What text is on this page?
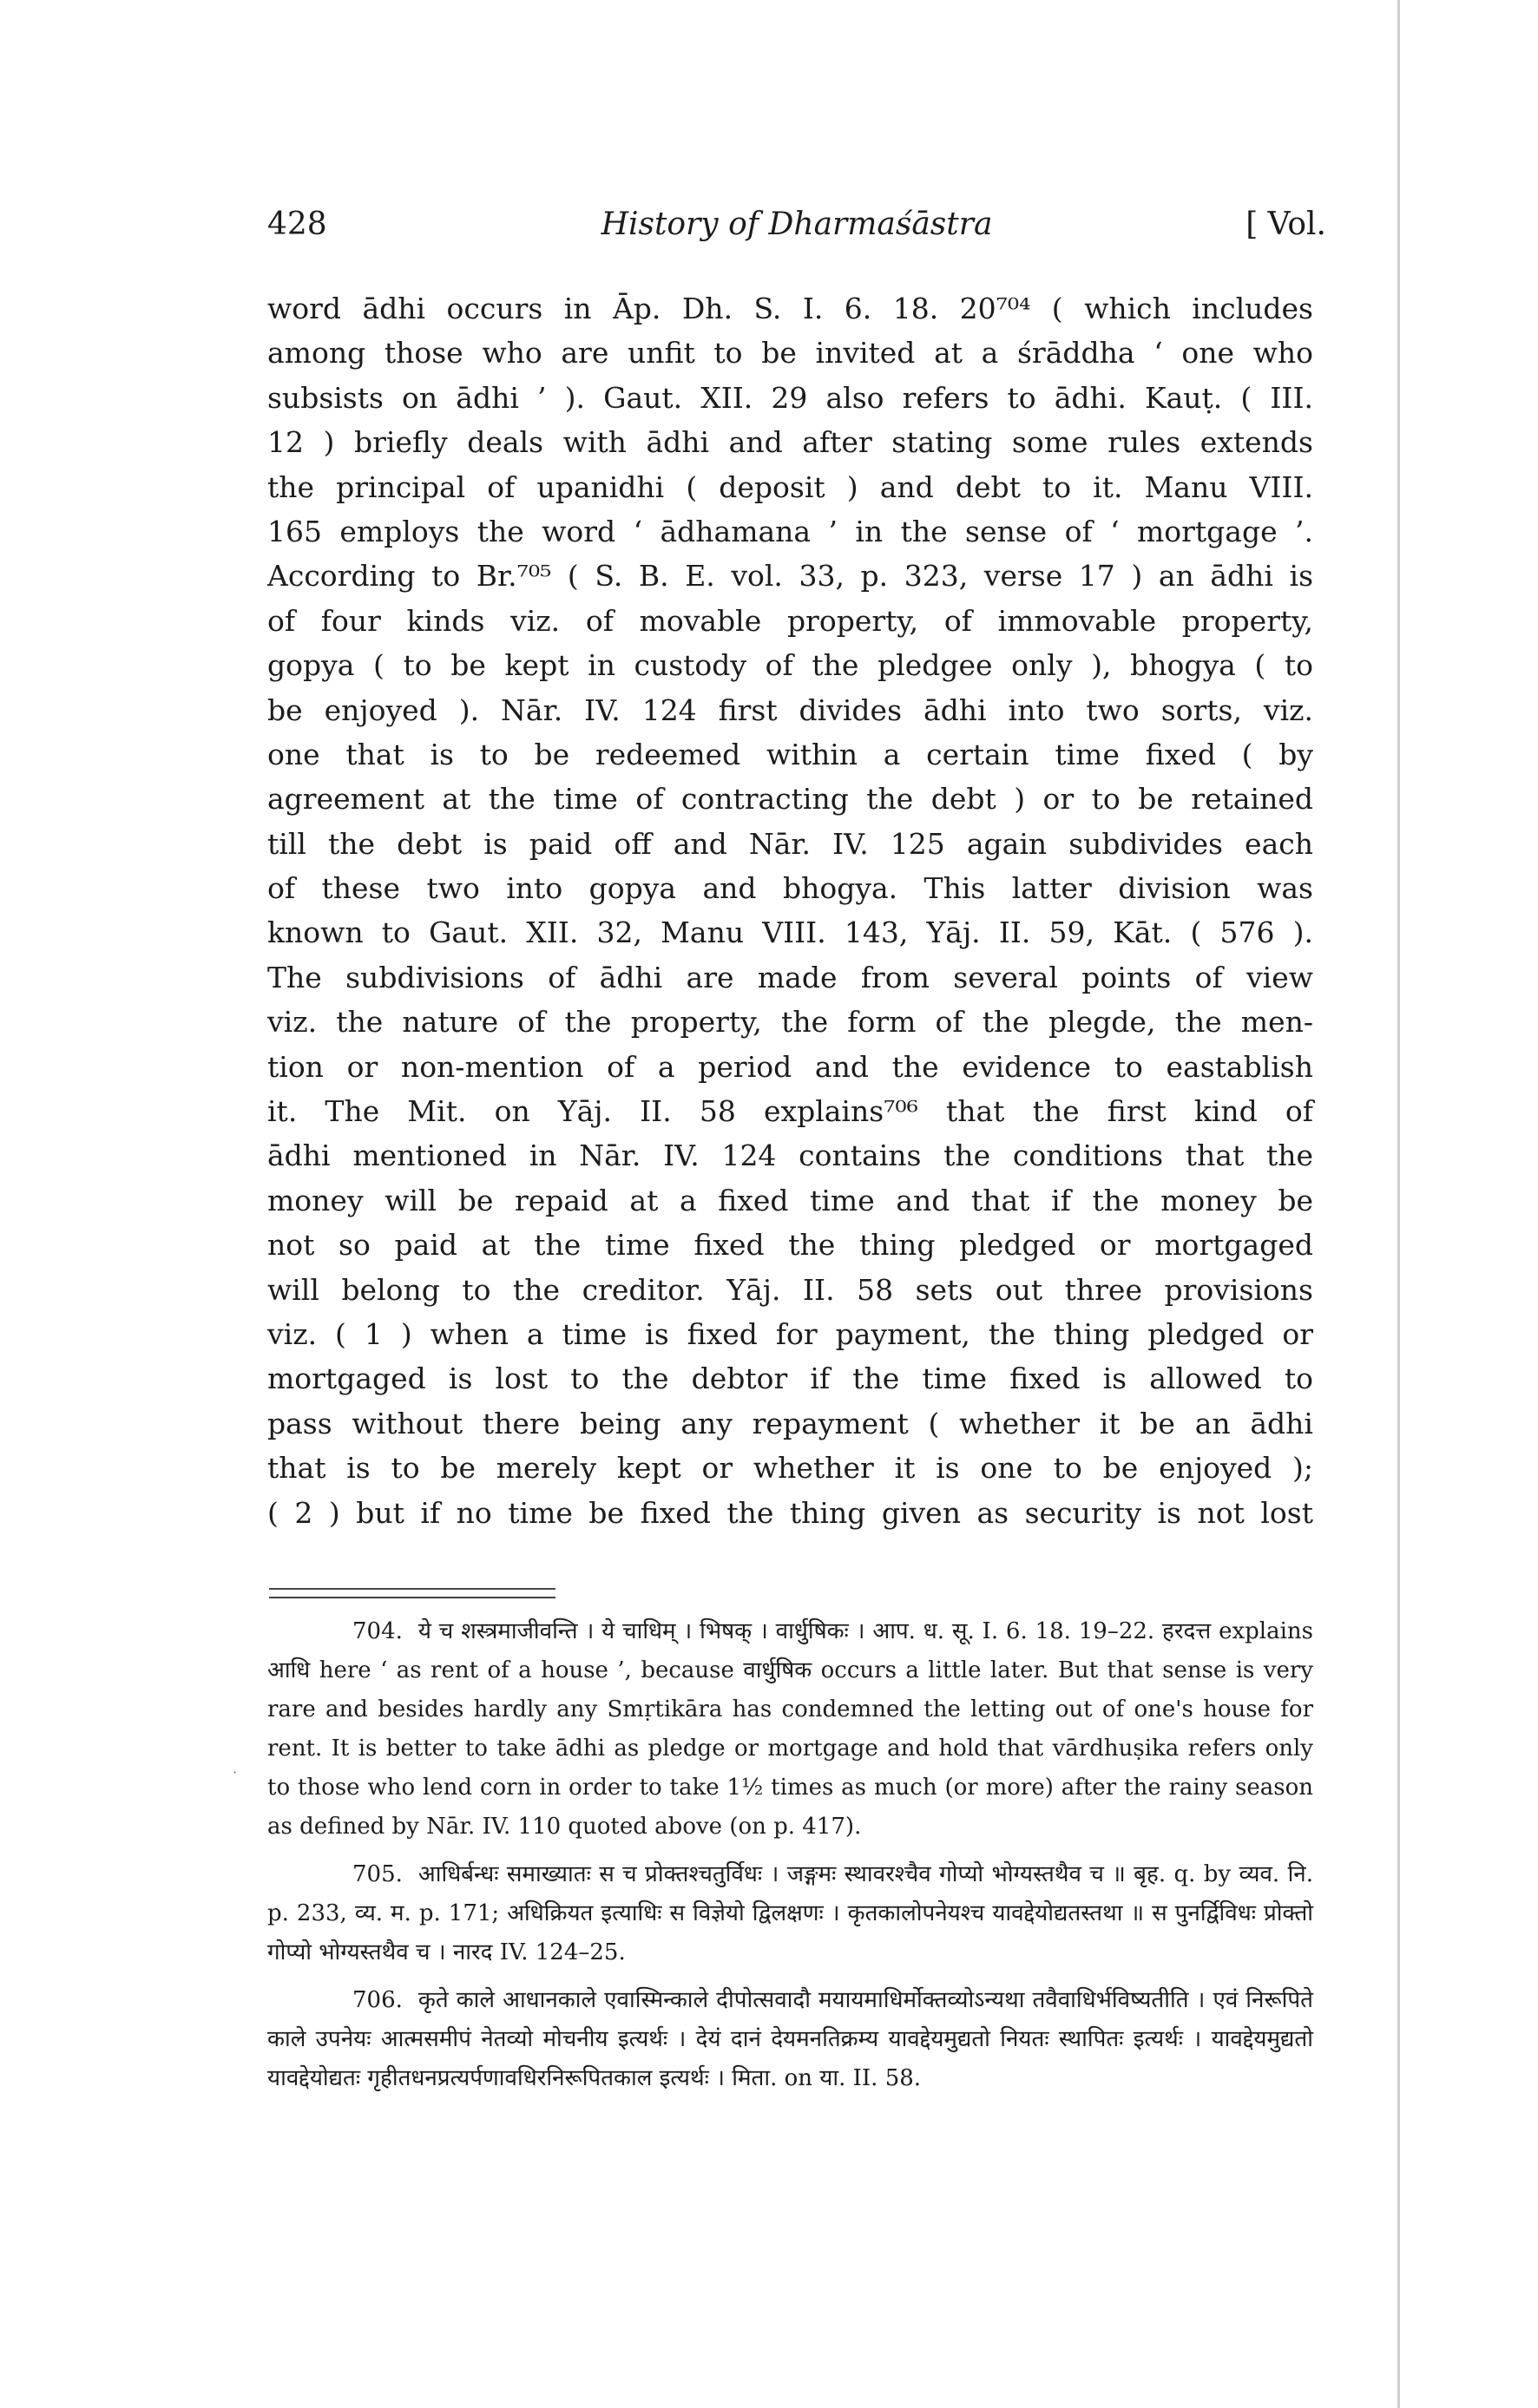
428	History of Dharmaśāstra	[ Vol.
word ādhi occurs in Āp. Dh. S. I. 6. 18. 20⁷⁰⁴ ( which includes
among those who are unfit to be invited at a śrāddha ‘ one who
subsists on ādhi ’ ). Gaut. XII. 29 also refers to ādhi. Kauṭ. ( III.
12 ) briefly deals with ādhi and after stating some rules extends
the principal of upanidhi ( deposit ) and debt to it. Manu VIII.
165 employs the word ‘ ādhamana ’ in the sense of ‘ mortgage ’.
According to Br.⁷⁰⁵ ( S. B. E. vol. 33, p. 323, verse 17 ) an ādhi is
of four kinds viz. of movable property, of immovable property,
gopya ( to be kept in custody of the pledgee only ), bhogya ( to
be enjoyed ). Nār. IV. 124 first divides ādhi into two sorts, viz.
one that is to be redeemed within a certain time fixed ( by
agreement at the time of contracting the debt ) or to be retained
till the debt is paid off and Nār. IV. 125 again subdivides each
of these two into gopya and bhogya. This latter division was
known to Gaut. XII. 32, Manu VIII. 143, Yāj. II. 59, Kāt. ( 576 ).
The subdivisions of ādhi are made from several points of view
viz. the nature of the property, the form of the plegde, the men-
tion or non-mention of a period and the evidence to eastablish
it. The Mit. on Yāj. II. 58 explains⁷⁰⁶ that the first kind of
ādhi mentioned in Nār. IV. 124 contains the conditions that the
money will be repaid at a fixed time and that if the money be
not so paid at the time fixed the thing pledged or mortgaged
will belong to the creditor. Yāj. II. 58 sets out three provisions
viz. ( 1 ) when a time is fixed for payment, the thing pledged or
mortgaged is lost to the debtor if the time fixed is allowed to
pass without there being any repayment ( whether it be an ādhi
that is to be merely kept or whether it is one to be enjoyed );
( 2 ) but if no time be fixed the thing given as security is not lost
·

704. ये च शस्त्रमाजीवन्ति । ये चाधिम् । भिषक् । वार्धुषिकः । आप. ध. सू. I. 6. 18. 19–22. हरदत्त explains आधि here ‘ as rent of a house ’, because वार्धुषिक occurs a little later. But that sense is very rare and besides hardly any Smṛtikāra has condemned the letting out of one's house for rent. It is better to take ādhi as pledge or mortgage and hold that vārdhuṣika refers only to those who lend corn in order to take 1½ times as much (or more) after the rainy season as defined by Nār. IV. 110 quoted above (on p. 417).

705. आधिर्बन्धः समाख्यातः स च प्रोक्तश्चतुर्विधः । जङ्गमः स्थावरश्चैव गोप्यो भोग्यस्तथैव च ॥ बृह. q. by व्यव. नि. p. 233, व्य. म. p. 171; अधिक्रियत इत्याधिः स विज्ञेयो द्विलक्षणः । कृतकालोपनेयश्च यावद्देयोद्यतस्तथा ॥ स पुनर्द्विविधः प्रोक्तो गोप्यो भोग्यस्तथैव च । नारद IV. 124–25.

706. कृते काले आधानकाले एवास्मिन्काले दीपोत्सवादौ मयायमाधिर्मोक्तव्योऽन्यथा तवैवाधिर्भविष्यतीति । एवं निरूपिते काले उपनेयः आत्मसमीपं नेतव्यो मोचनीय इत्यर्थः । देयं दानं देयमनतिक्रम्य यावद्देयमुद्यतो नियतः स्थापितः इत्यर्थः । यावद्देयमुद्यतो यावद्देयोद्यतः गृहीतधनप्रत्यर्पणावधिरनिरूपितकाल इत्यर्थः । मिता. on या. II. 58.
